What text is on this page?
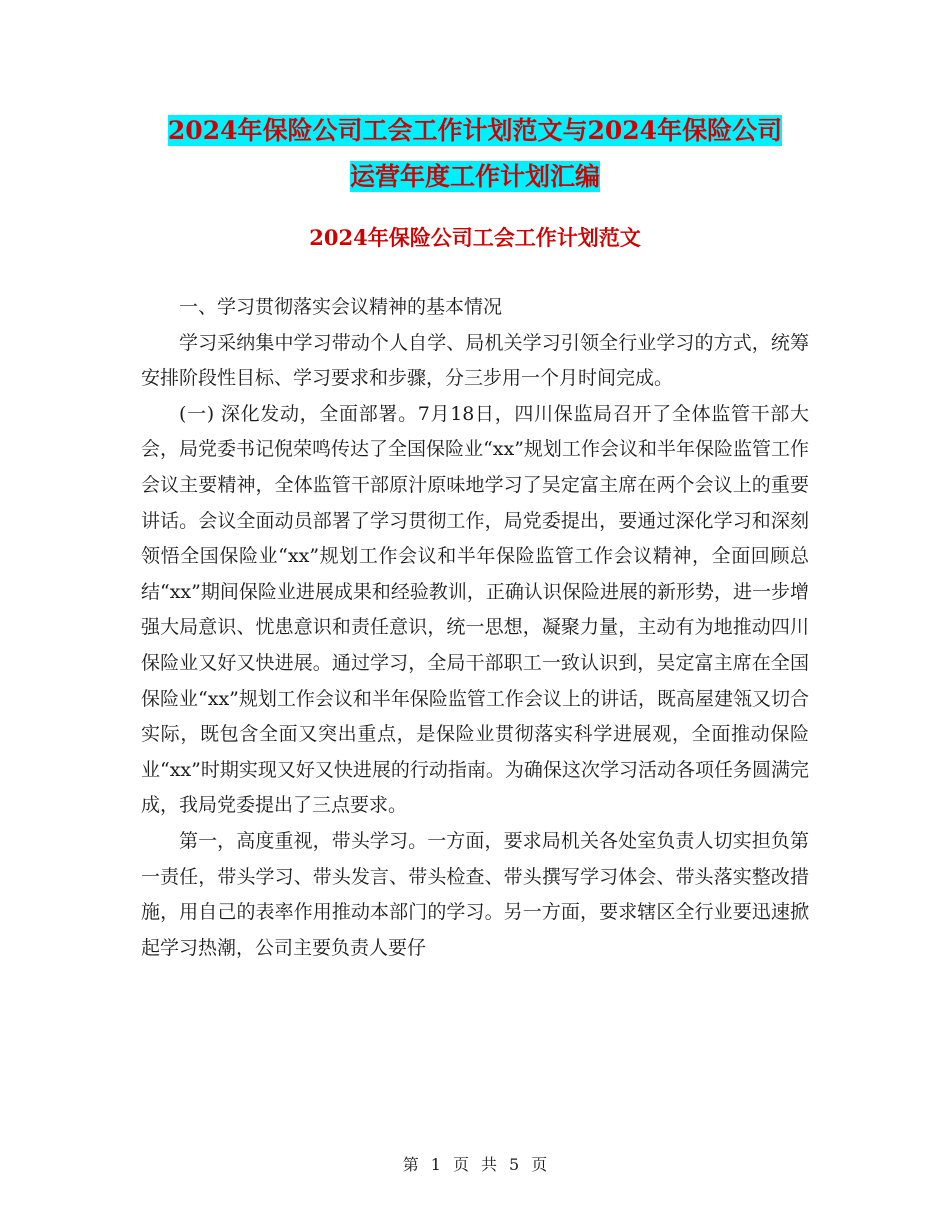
2024年保险公司工会工作计划范文与2024年保险公司
运营年度工作计划汇编
2024年保险公司工会工作计划范文

一、学习贯彻落实会议精神的基本情况

学习采纳集中学习带动个人自学、局机关学习引领全行业学习的方式，统筹安排阶段性目标、学习要求和步骤，分三步用一个月时间完成。

(一) 深化发动，全面部署。7月18日，四川保监局召开了全体监管干部大会，局党委书记倪荣鸣传达了全国保险业“xx”规划工作会议和半年保险监管工作会议主要精神，全体监管干部原汁原味地学习了吴定富主席在两个会议上的重要讲话。会议全面动员部署了学习贯彻工作，局党委提出，要通过深化学习和深刻领悟全国保险业“xx”规划工作会议和半年保险监管工作会议精神，全面回顾总结“xx”期间保险业进展成果和经验教训，正确认识保险进展的新形势，进一步增强大局意识、忧患意识和责任意识，统一思想，凝聚力量，主动有为地推动四川保险业又好又快进展。通过学习，全局干部职工一致认识到，吴定富主席在全国保险业“xx”规划工作会议和半年保险监管工作会议上的讲话，既高屋建瓴又切合实际，既包含全面又突出重点，是保险业贯彻落实科学进展观，全面推动保险业“xx”时期实现又好又快进展的行动指南。为确保这次学习活动各项任务圆满完成，我局党委提出了三点要求。

第一，高度重视，带头学习。一方面，要求局机关各处室负责人切实担负第一责任，带头学习、带头发言、带头检查、带头撰写学习体会、带头落实整改措施，用自己的表率作用推动本部门的学习。另一方面，要求辖区全行业要迅速掀起学习热潮，公司主要负责人要仔

第 1 页 共 5 页
